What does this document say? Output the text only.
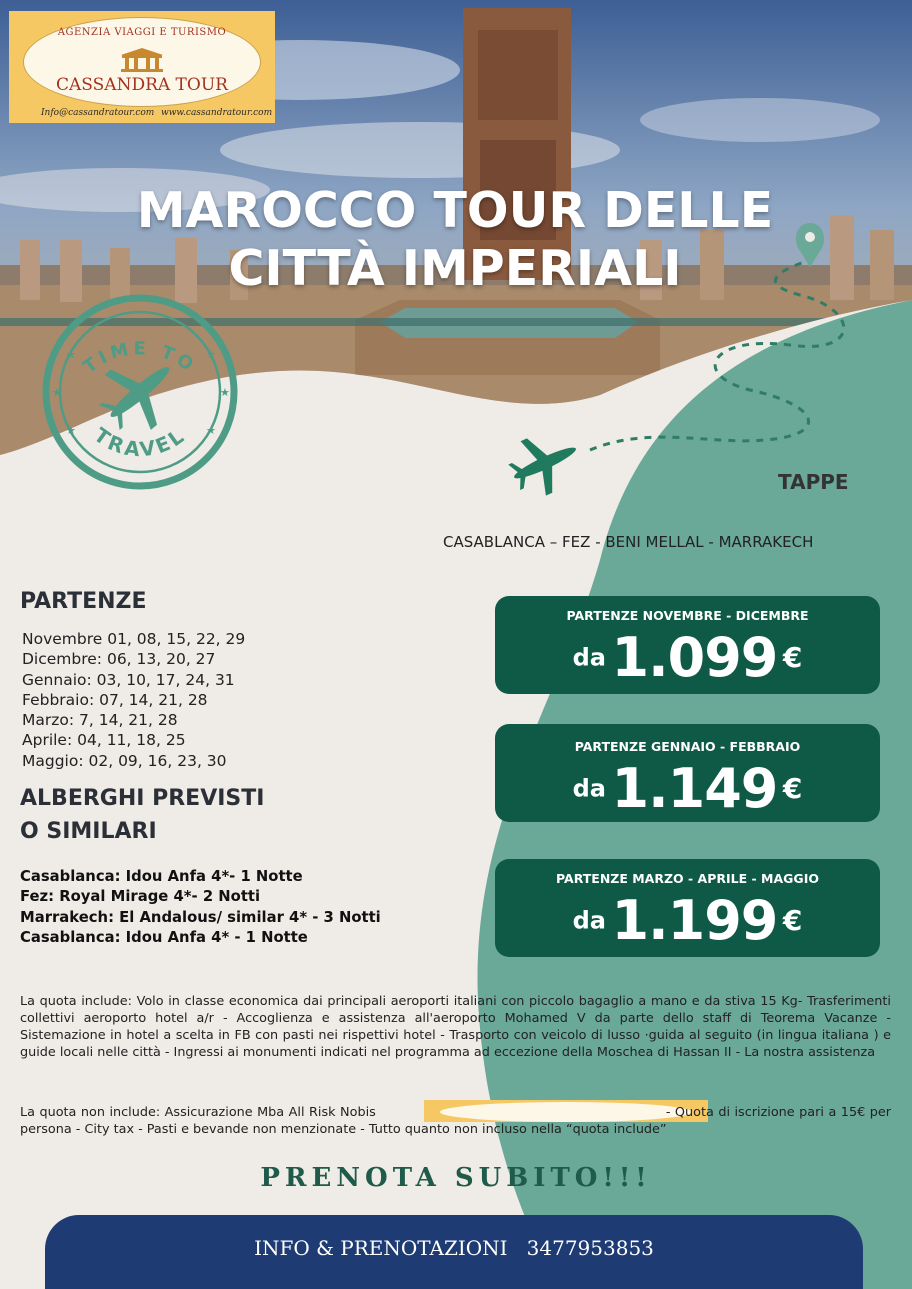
AGENZIA VIAGGI E TURISMO
CASSANDRA TOUR
Info@cassandratour.com www.cassandratour.com
MAROCCO TOUR DELLE CITTÀ IMPERIALI
TIME TO
TRAVEL
★	★
★	★
★	★
TAPPE
CASABLANCA – FEZ - BENI MELLAL - MARRAKECH
PARTENZE
Novembre 01, 08, 15, 22, 29
Dicembre: 06, 13, 20, 27
Gennaio: 03, 10, 17, 24, 31
Febbraio: 07, 14, 21, 28
Marzo: 7, 14, 21, 28
Aprile: 04, 11, 18, 25
Maggio: 02, 09, 16, 23, 30
ALBERGHI PREVISTI
O SIMILARI
Casablanca: Idou Anfa 4*- 1 Notte
Fez: Royal Mirage 4*- 2 Notti
Marrakech: El Andalous/ similar 4* - 3 Notti
Casablanca: Idou Anfa 4* - 1 Notte
PARTENZE NOVEMBRE - DICEMBRE
da 1.099 €
PARTENZE GENNAIO - FEBBRAIO
da 1.149 €
PARTENZE MARZO - APRILE - MAGGIO
da 1.199 €
La quota include: Volo in classe economica dai principali aeroporti italiani con piccolo bagaglio a mano e da stiva 15 Kg- Trasferimenti collettivi aeroporto hotel a/r - Accoglienza e assistenza all'aeroporto Mohamed V da parte dello staff di Teorema Vacanze - Sistemazione in hotel a scelta in FB con pasti nei rispettivi hotel - Trasporto con veicolo di lusso ·guida al seguito (in lingua italiana ) e guide locali nelle città - Ingressi ai monumenti indicati nel programma ad eccezione della Moschea di Hassan II - La nostra assistenza
La quota non include: Assicurazione Mba All Risk Nobis	- Quota di iscrizione pari a 15€ per persona - City tax - Pasti e bevande non menzionate - Tutto quanto non incluso nella “quota include”
PRENOTA SUBITO!!!
INFO & PRENOTAZIONI   3477953853
